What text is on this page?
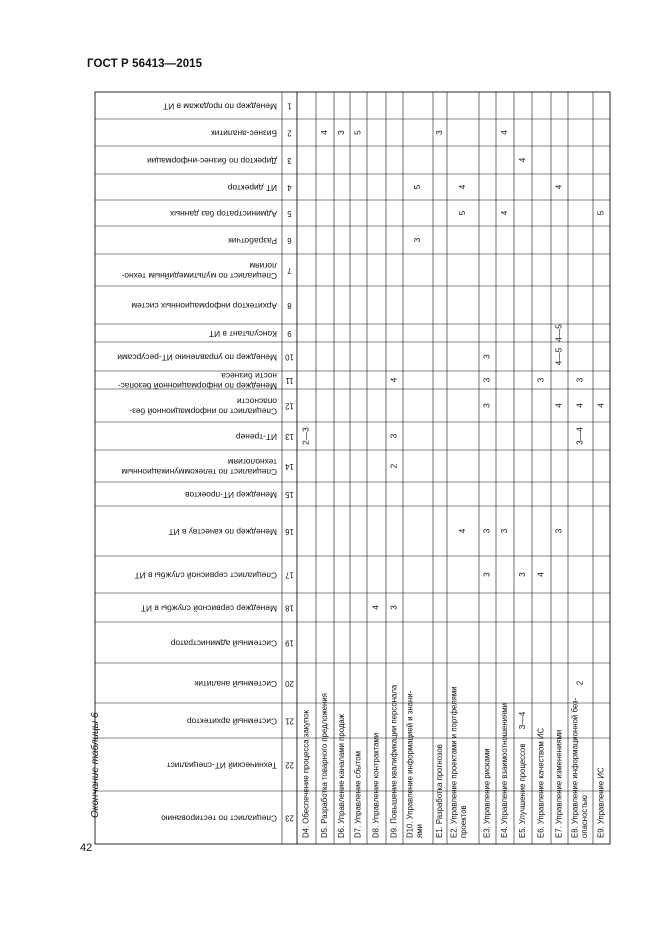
ГОСТ Р 56413—2015
Окончание таблицы 6
42
Менеджер по продажам в ИТ 1
Бизнес-аналитик 2
Директор по бизнес-информации 3
ИТ директор 4
Администратор баз данных 5
Разработчик 6
Специалист по мультимедийным техно-
логиям 7
Архитектор информационных систем 8
Консультант в ИТ 9
Менеджер по управлению ИТ-ресурсами 10
Менеджер по информационной безопас-
ности бизнеса 11
Специалист по информационной без-
опасности 12
ИТ-тренер 13
Специалист по телекоммуникационным
технологиям 14
Менеджер ИТ-проектов 15
Менеджер по качеству в ИТ 16
Специалист сервисной службы в ИТ 17
Менеджер сервисной службы в ИТ 18
Системный администратор 19
Системный аналитик 20
Системный архитектор 21
Технический ИТ-специалист 22
Специалист по тестированию 23 D4. Обеспечение процесса закупок
2—3
D5. Разработка товарного предложения
4
D6. Управление каналами продаж
3
D7. Управление сбытом
5
D8. Управление контрактами
4
D9. Повышение квалификации персонала
4
3
2
3
D10. Управление информацией и знани- ями
5
3
E1. Разработка прогнозов
3
E2. Управление проектами и портфелями проектов
4
5
4
E3. Управление рисками
3
3
3
3
3
E4. Управление взаимоотношениями
4
4
3
E5. Улучшение процессов
4
3
3—4
E6. Управление качеством ИС
3
4
E7. Управление изменениями
4
4—5
4—5
4
3
E8. Управление информационной без- опасностью
3
4
3—4
2
E9. Управление ИС
5
4
